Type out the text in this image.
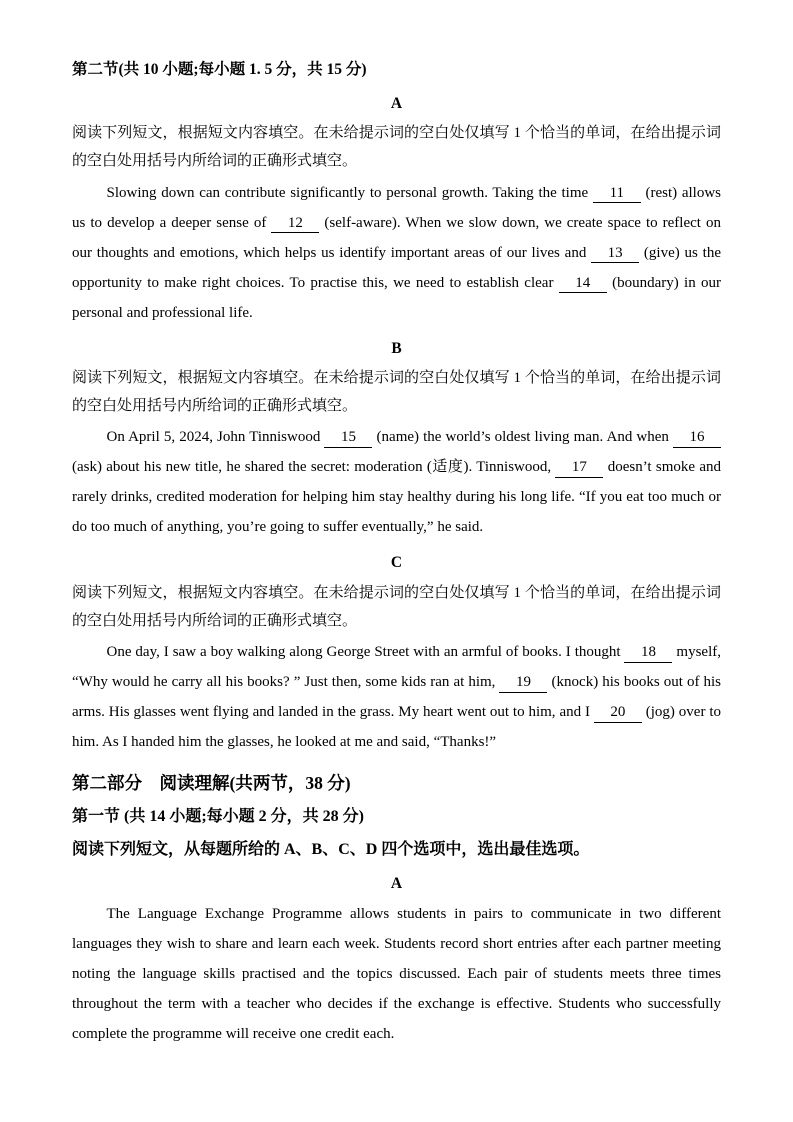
第二节(共 10 小题;每小题 1. 5 分，共 15 分)

A

阅读下列短文，根据短文内容填空。在未给提示词的空白处仅填写 1 个恰当的单词，在给出提示词的空白处用括号内所给词的正确形式填空。

Slowing down can contribute significantly to personal growth. Taking the time 11 (rest) allows us to develop a deeper sense of 12 (self-aware). When we slow down, we create space to reflect on our thoughts and emotions, which helps us identify important areas of our lives and 13 (give) us the opportunity to make right choices. To practise this, we need to establish clear 14 (boundary) in our personal and professional life.

B

阅读下列短文，根据短文内容填空。在未给提示词的空白处仅填写 1 个恰当的单词，在给出提示词的空白处用括号内所给词的正确形式填空。

On April 5, 2024, John Tinniswood 15 (name) the world’s oldest living man. And when 16 (ask) about his new title, he shared the secret: moderation (适度). Tinniswood, 17 doesn’t smoke and rarely drinks, credited moderation for helping him stay healthy during his long life. “If you eat too much or do too much of anything, you’re going to suffer eventually,” he said.

C

阅读下列短文，根据短文内容填空。在未给提示词的空白处仅填写 1 个恰当的单词，在给出提示词的空白处用括号内所给词的正确形式填空。

One day, I saw a boy walking along George Street with an armful of books. I thought 18 myself, “Why would he carry all his books? ” Just then, some kids ran at him, 19 (knock) his books out of his arms. His glasses went flying and landed in the grass. My heart went out to him, and I 20 (jog) over to him. As I handed him the glasses, he looked at me and said, “Thanks!”

第二部分　阅读理解(共两节，38 分)

第一节 (共 14 小题;每小题 2 分，共 28 分)

阅读下列短文，从每题所给的 A、B、C、D 四个选项中，选出最佳选项。

A

The Language Exchange Programme allows students in pairs to communicate in two different languages they wish to share and learn each week. Students record short entries after each partner meeting noting the language skills practised and the topics discussed. Each pair of students meets three times throughout the term with a teacher who decides if the exchange is effective. Students who successfully complete the programme will receive one credit each.
